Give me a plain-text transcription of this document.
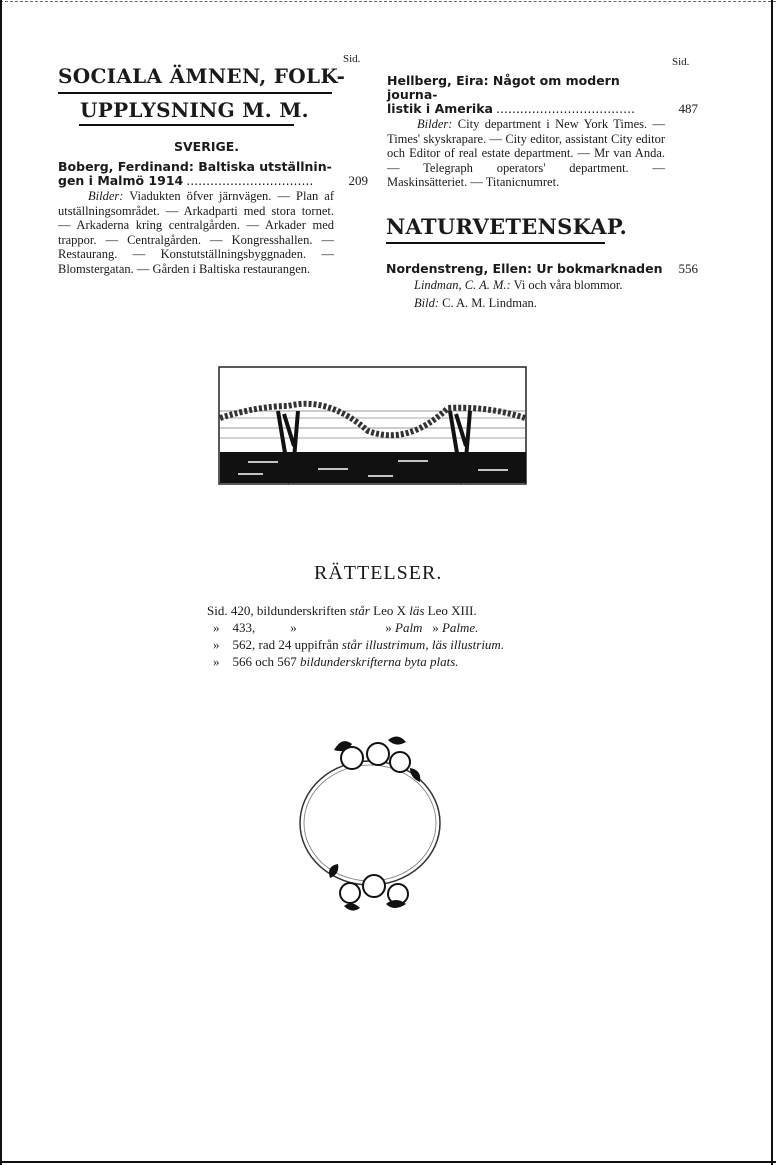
Sid.
SOCIALA ÄMNEN, FOLK-
UPPLYSNING M. M.
SVERIGE.
Boberg, Ferdinand: Baltiska utställnin-
gen i Malmö 1914 ................................	209
Bilder: Viadukten öfver järnvägen. — Plan af utställningsområdet. — Arkadparti med stora tornet. — Arkaderna kring centralgården. — Arkader med trappor. — Centralgården. — Kongresshallen. — Restaurang. — Konstutställningsbyggnaden. — Blomstergatan. — Gården i Baltiska restaurangen.
Sid.
Hellberg, Eira: Något om modern journa-
listik i Amerika ...................................	487
Bilder: City department i New York Times. — Times' skyskrapare. — City editor, assistant City editor och Editor of real estate department. — Mr van Anda. — Telegraph operators' department. — Maskinsätteriet. — Titanicnumret.
NATURVETENSKAP.
Nordenstreng, Ellen: Ur bokmarknaden 556
Lindman, C. A. M.: Vi och våra blommor.
Bild: C. A. M. Lindman.
RÄTTELSER.
Sid. 420, bildunderskriften står Leo X läs Leo XIII.
» 433,	»	» Palm » Palme.
» 562, rad 24 uppifrån står illustrimum, läs illustrium.
» 566 och 567 bildunderskrifterna byta plats.
